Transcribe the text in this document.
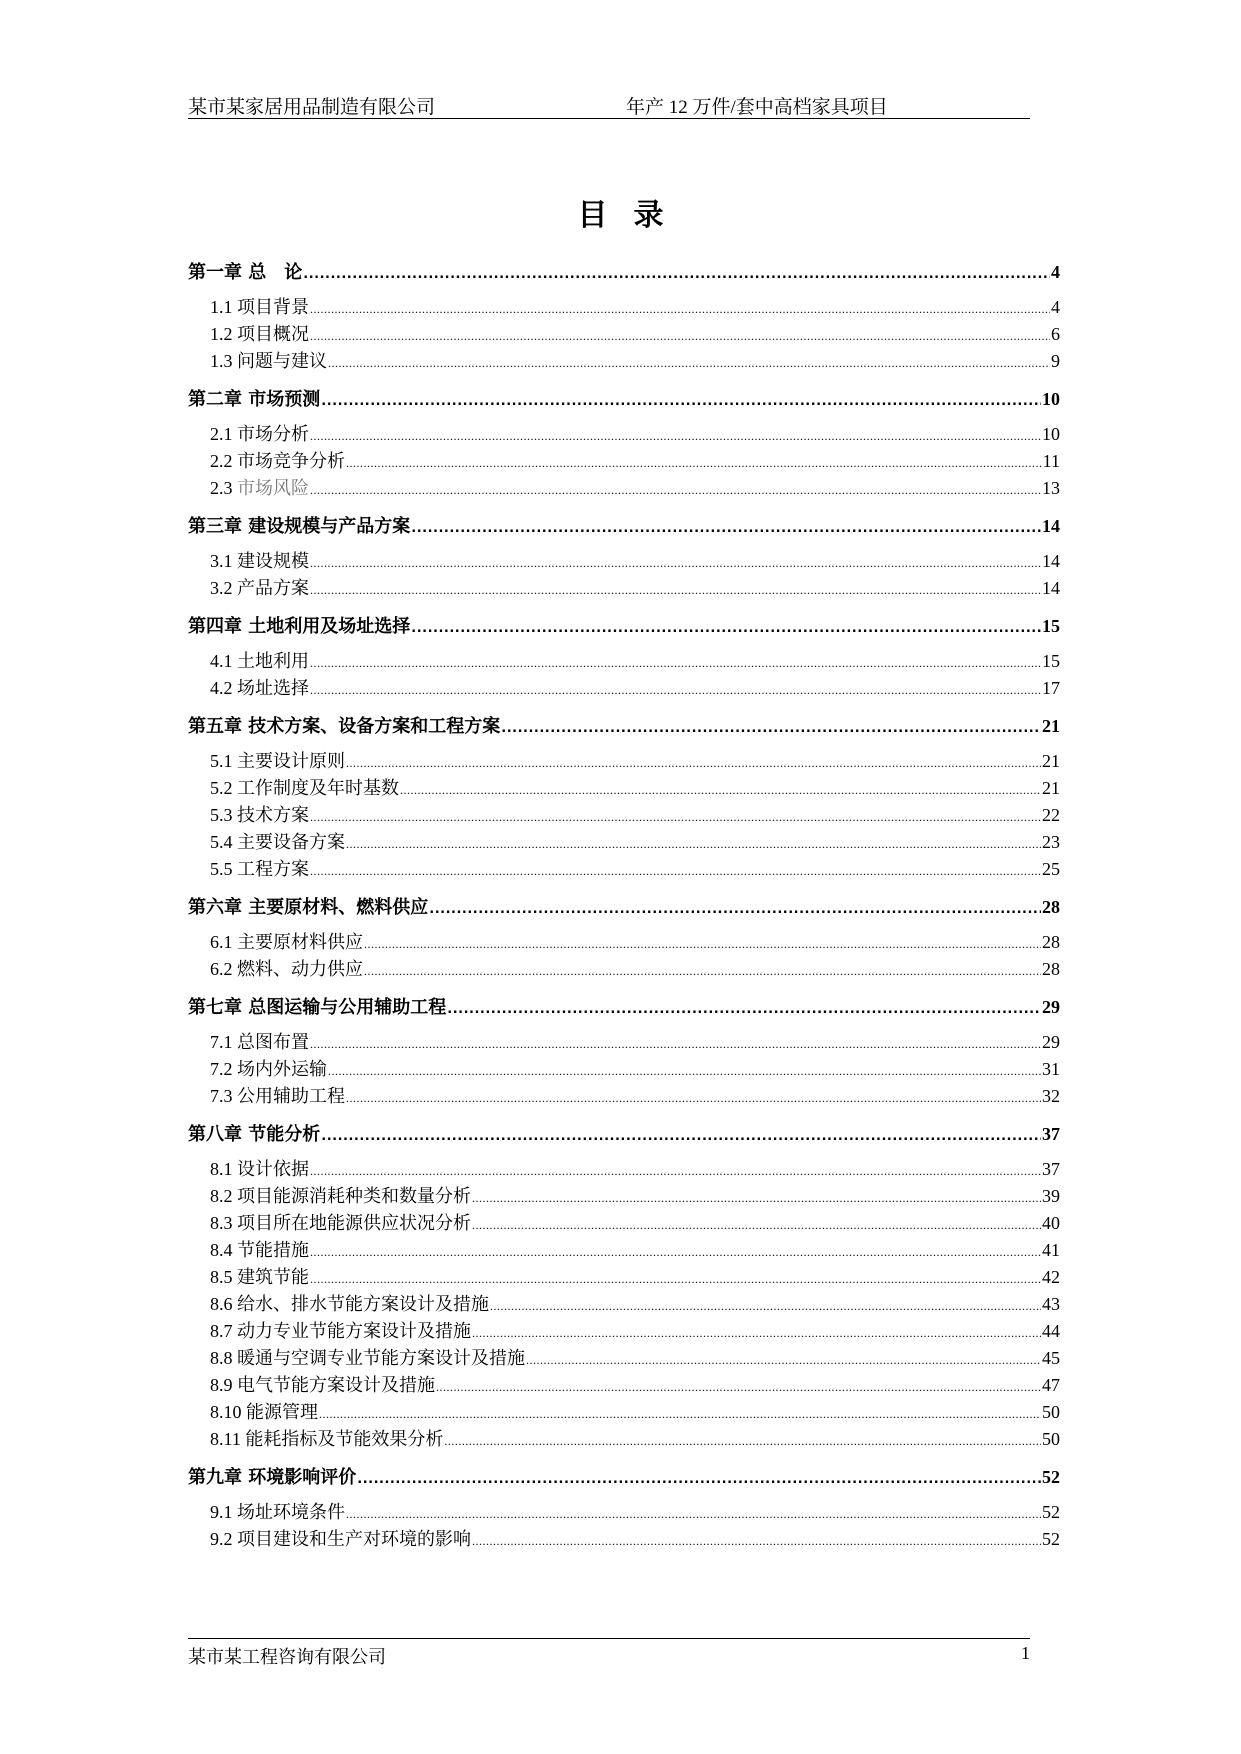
某市某家居用品制造有限公司	年产 12 万件/套中高档家具项目
目录
第一章 总　论 .....	4
1.1 项目背景 .....	4
1.2 项目概况 .....	6
1.3 问题与建议 .....	9
第二章 市场预测 .....	10
2.1 市场分析 .....	10
2.2 市场竞争分析 .....	11
2.3 市场风险 .....	13
第三章 建设规模与产品方案 .....	14
3.1 建设规模 .....	14
3.2 产品方案 .....	14
第四章 土地利用及场址选择 .....	15
4.1 土地利用 .....	15
4.2 场址选择 .....	17
第五章 技术方案、设备方案和工程方案 .....	21
5.1 主要设计原则 .....	21
5.2 工作制度及年时基数 .....	21
5.3 技术方案 .....	22
5.4 主要设备方案 .....	23
5.5 工程方案 .....	25
第六章 主要原材料、燃料供应 .....	28
6.1 主要原材料供应 .....	28
6.2 燃料、动力供应 .....	28
第七章 总图运输与公用辅助工程 .....	29
7.1 总图布置 .....	29
7.2 场内外运输 .....	31
7.3 公用辅助工程 .....	32
第八章 节能分析 .....	37
8.1 设计依据 .....	37
8.2 项目能源消耗种类和数量分析 .....	39
8.3 项目所在地能源供应状况分析 .....	40
8.4 节能措施 .....	41
8.5 建筑节能 .....	42
8.6 给水、排水节能方案设计及措施 .....	43
8.7 动力专业节能方案设计及措施 .....	44
8.8 暖通与空调专业节能方案设计及措施 .....	45
8.9 电气节能方案设计及措施 .....	47
8.10 能源管理 .....	50
8.11 能耗指标及节能效果分析 .....	50
第九章 环境影响评价 .....	52
9.1 场址环境条件 .....	52
9.2 项目建设和生产对环境的影响 .....	52
某市某工程咨询有限公司	1
